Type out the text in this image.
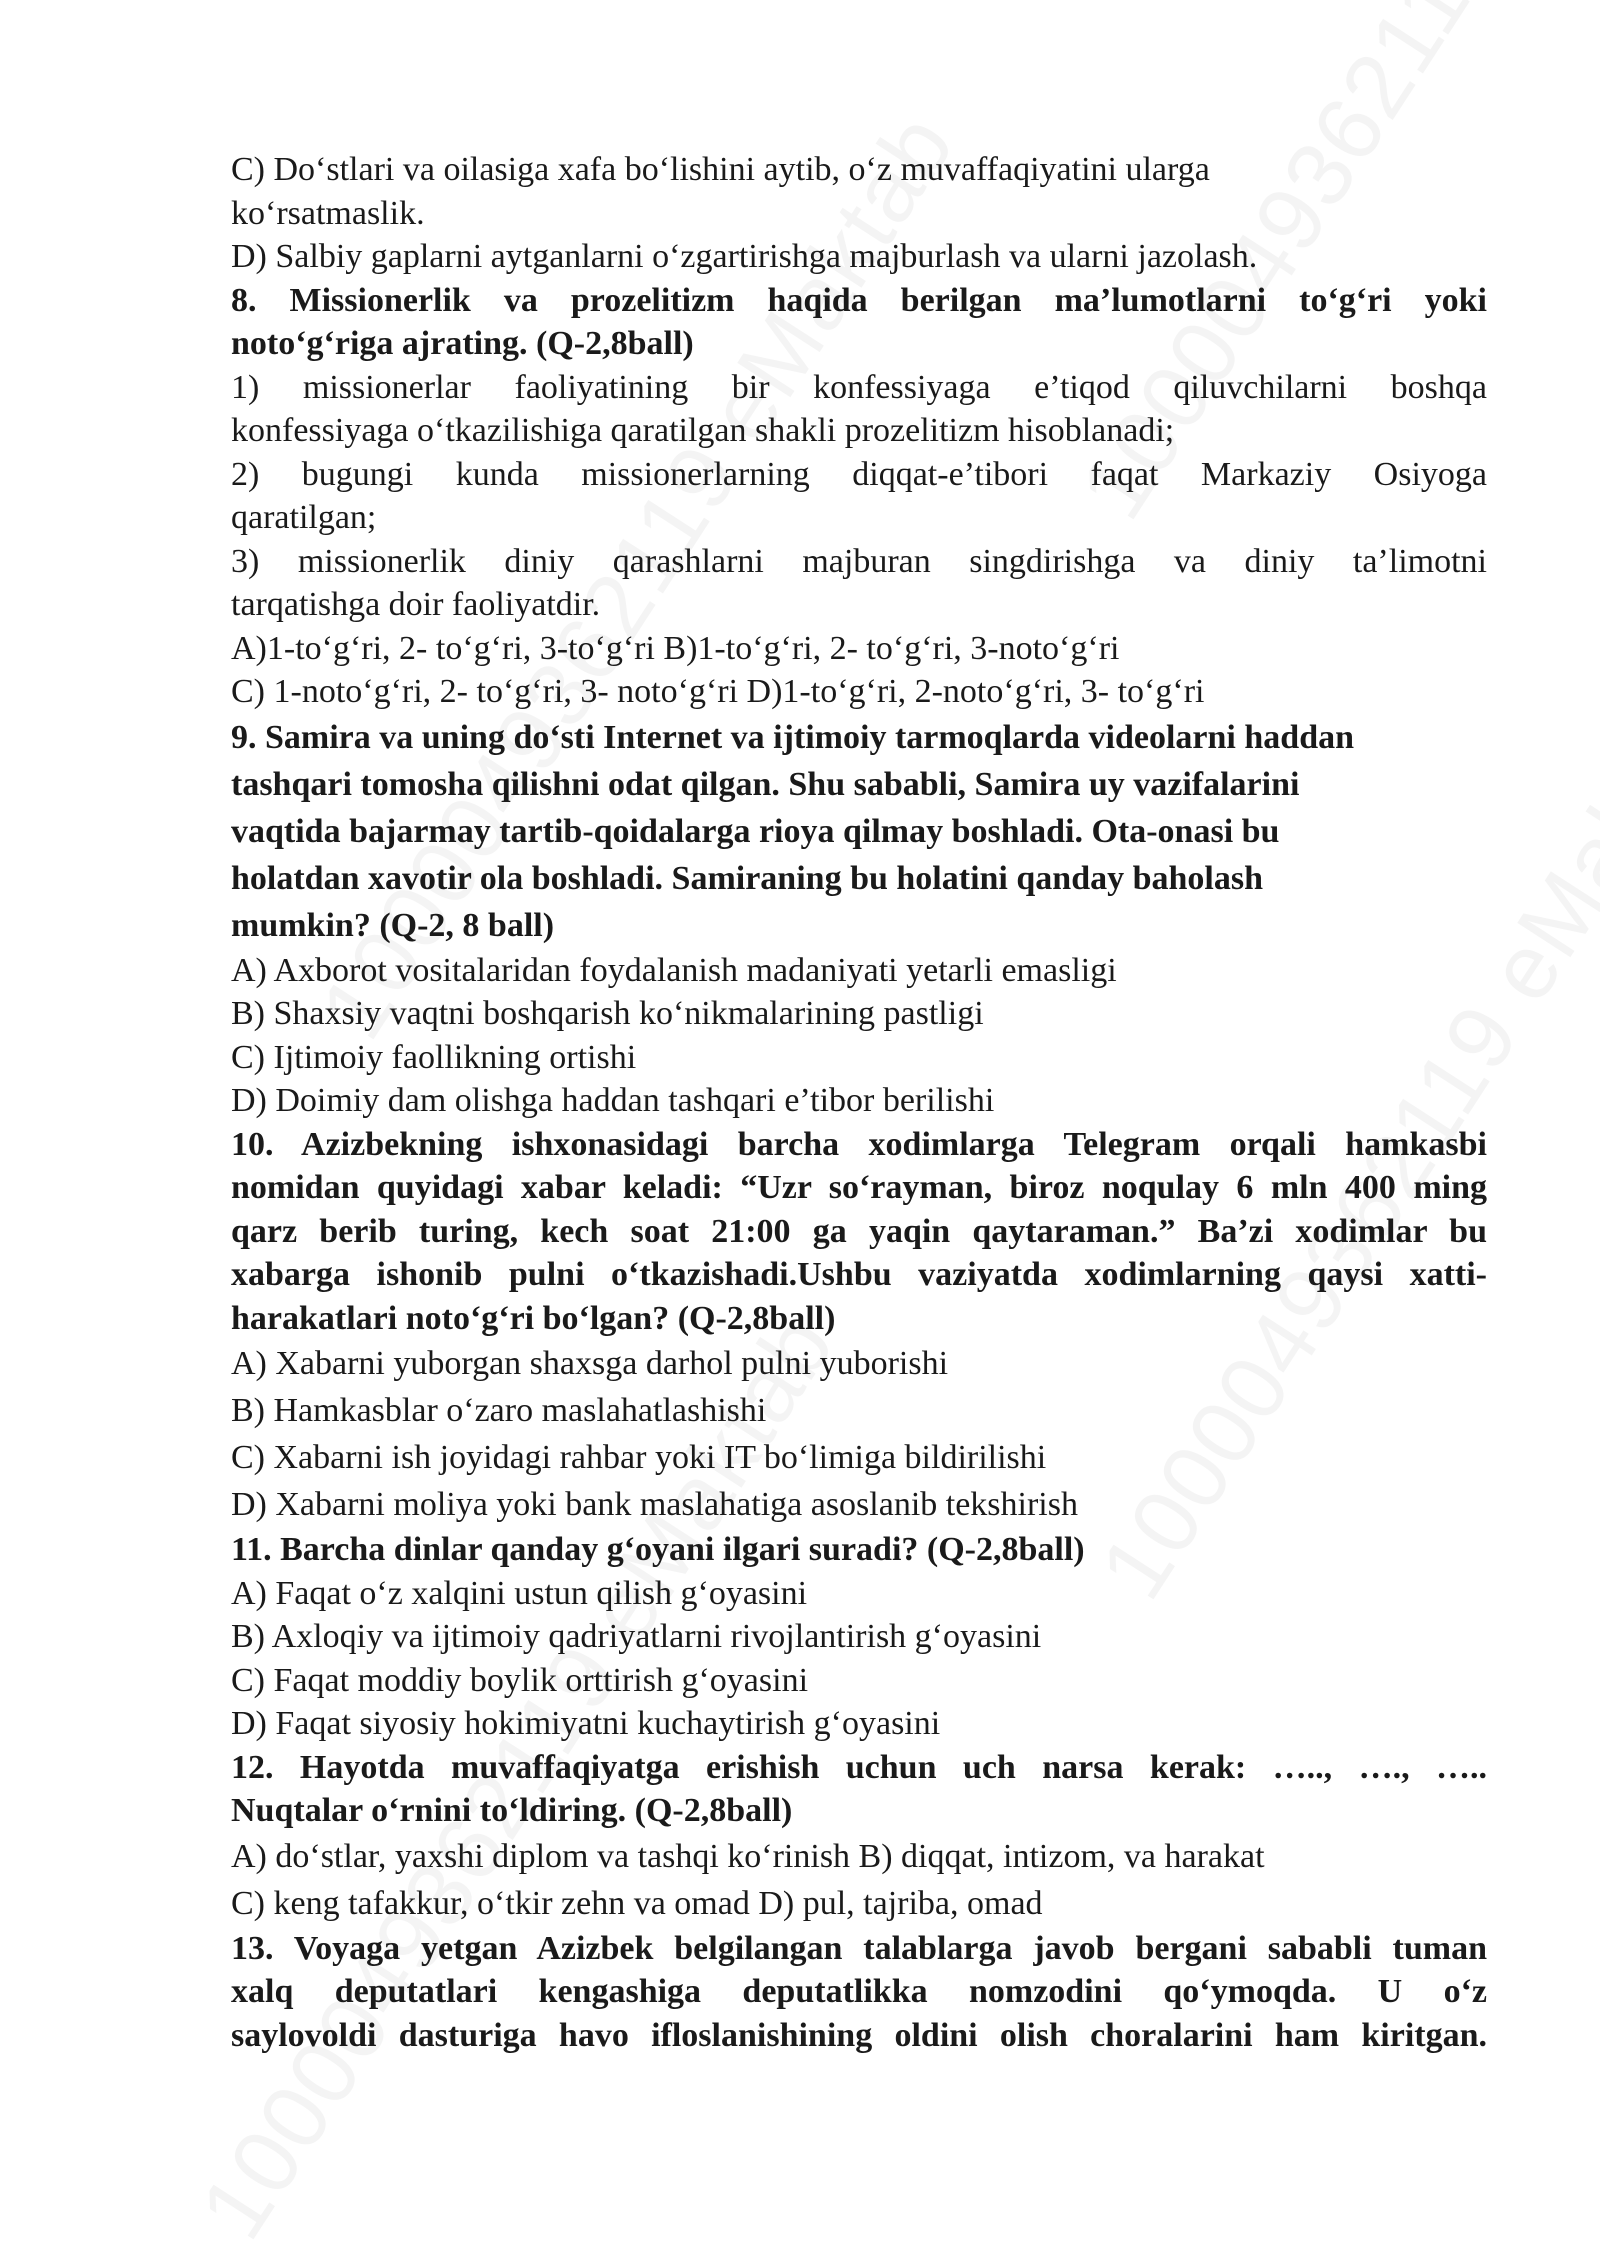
C) Do‘stlari va oilasiga xafa bo‘lishini aytib, o‘z muvaffaqiyatini ularga
ko‘rsatmaslik.
D) Salbiy gaplarni aytganlarni o‘zgartirishga majburlash va ularni jazolash.
8. Missionerlik va prozelitizm haqida berilgan ma’lumotlarni to‘g‘ri yoki
noto‘g‘riga ajrating. (Q-2,8ball)
1) missionerlar faoliyatining bir konfessiyaga e’tiqod qiluvchilarni boshqa
konfessiyaga o‘tkazilishiga qaratilgan shakli prozelitizm hisoblanadi;
2) bugungi kunda missionerlarning diqqat-e’tibori faqat Markaziy Osiyoga
qaratilgan;
3) missionerlik diniy qarashlarni majburan singdirishga va diniy ta’limotni
tarqatishga doir faoliyatdir.
A)1-to‘g‘ri, 2- to‘g‘ri, 3-to‘g‘ri B)1-to‘g‘ri, 2- to‘g‘ri, 3-noto‘g‘ri
C) 1-noto‘g‘ri, 2- to‘g‘ri, 3- noto‘g‘ri D)1-to‘g‘ri, 2-noto‘g‘ri, 3- to‘g‘ri
9. Samira va uning do‘sti Internet va ijtimoiy tarmoqlarda videolarni haddan
tashqari tomosha qilishni odat qilgan. Shu sababli, Samira uy vazifalarini
vaqtida bajarmay tartib-qoidalarga rioya qilmay boshladi. Ota-onasi bu
holatdan xavotir ola boshladi. Samiraning bu holatini qanday baholash
mumkin? (Q-2, 8 ball)
A) Axborot vositalaridan foydalanish madaniyati yetarli emasligi
B) Shaxsiy vaqtni boshqarish ko‘nikmalarining pastligi
C) Ijtimoiy faollikning ortishi
D) Doimiy dam olishga haddan tashqari e’tibor berilishi
10. Azizbekning ishxonasidagi barcha xodimlarga Telegram orqali hamkasbi
nomidan quyidagi xabar keladi: “Uzr so‘rayman, biroz noqulay 6 mln 400 ming
qarz berib turing, kech soat 21:00 ga yaqin qaytaraman.” Ba’zi xodimlar bu
xabarga ishonib pulni o‘tkazishadi.Ushbu vaziyatda xodimlarning qaysi xatti-
harakatlari noto‘g‘ri bo‘lgan? (Q-2,8ball)
A) Xabarni yuborgan shaxsga darhol pulni yuborishi
B) Hamkasblar o‘zaro maslahatlashishi
C) Xabarni ish joyidagi rahbar yoki IT bo‘limiga bildirilishi
D) Xabarni moliya yoki bank maslahatiga asoslanib tekshirish
11. Barcha dinlar qanday g‘oyani ilgari suradi? (Q-2,8ball)
A) Faqat o‘z xalqini ustun qilish g‘oyasini
B) Axloqiy va ijtimoiy qadriyatlarni rivojlantirish g‘oyasini
C) Faqat moddiy boylik orttirish g‘oyasini
D) Faqat siyosiy hokimiyatni kuchaytirish g‘oyasini
12. Hayotda muvaffaqiyatga erishish uchun uch narsa kerak: ….., …., …..
Nuqtalar o‘rnini to‘ldiring. (Q-2,8ball)
A) do‘stlar, yaxshi diplom va tashqi ko‘rinish B) diqqat, intizom, va harakat
C) keng tafakkur, o‘tkir zehn va omad D) pul, tajriba, omad
13. Voyaga yetgan Azizbek belgilangan talablarga javob bergani sababli tuman
xalq deputatlari kengashiga deputatlikka nomzodini qo‘ymoqda. U o‘z
saylovoldi dasturiga havo ifloslanishining oldini olish choralarini ham kiritgan.
